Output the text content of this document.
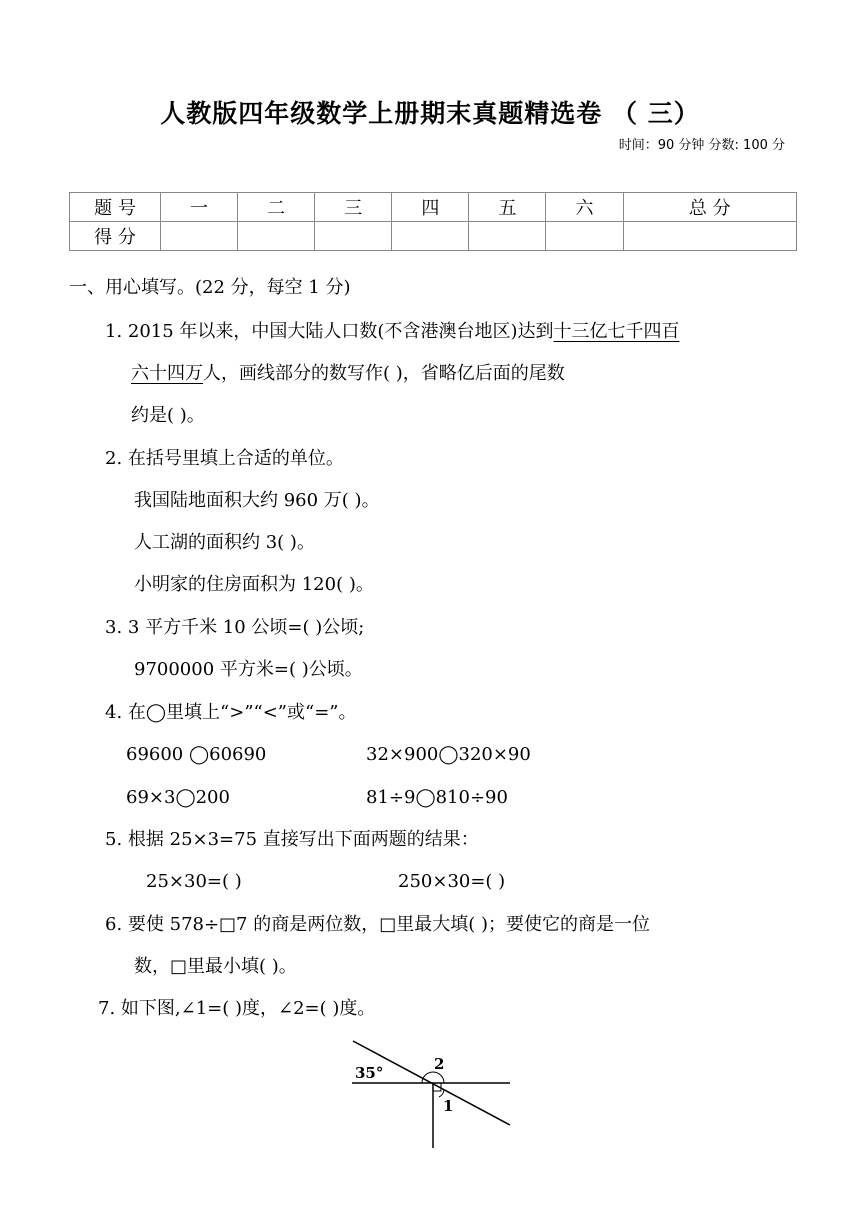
人教版四年级数学上册期末真题精选卷 （ 三）
时间：90 分钟 分数: 100 分
题 号	一	二	三	四	五	六	总 分
得 分							
一、用心填写。(22 分，每空 1 分)
1. 2015 年以来，中国大陆人口数(不含港澳台地区)达到十三亿七千四百
六十四万人，画线部分的数写作( )，省略亿后面的尾数
约是( )。
2. 在括号里填上合适的单位。
我国陆地面积大约 960 万( )。
人工湖的面积约 3( )。
小明家的住房面积为 120( )。
3. 3 平方千米 10 公顷=( )公顷;
9700000 平方米=( )公顷。
4. 在◯里填上“>”“<”或“=”。
69600 ◯60690	32×900◯320×90
69×3◯200	81÷9◯810÷90
5. 根据 25×3=75 直接写出下面两题的结果：
25×30=( )	250×30=( )
6. 要使 578÷□7 的商是两位数，□里最大填( )；要使它的商是一位
数，□里最小填( )。
7. 如下图,∠1=( )度，∠2=( )度。
35°	2
1
